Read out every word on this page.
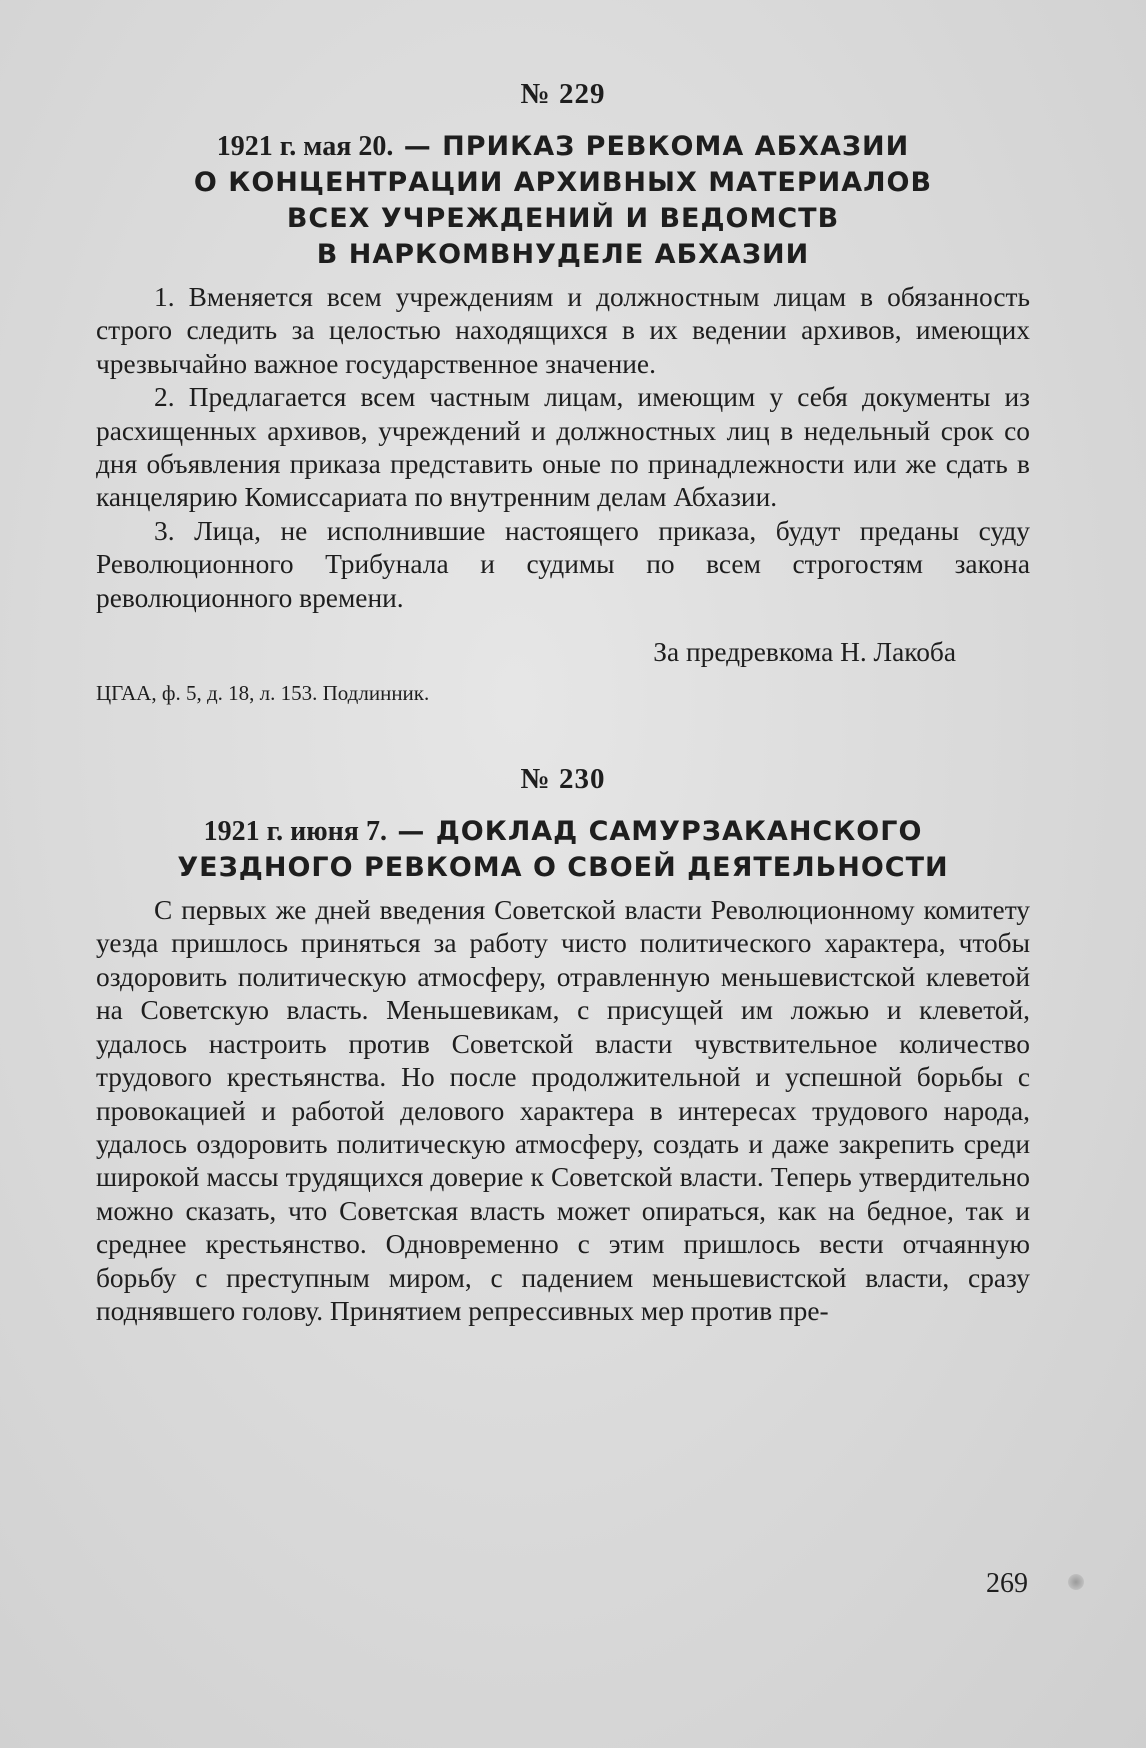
№ 229
1921 г. мая 20. — ПРИКАЗ РЕВКОМА АБХАЗИИ
О КОНЦЕНТРАЦИИ АРХИВНЫХ МАТЕРИАЛОВ
ВСЕХ УЧРЕЖДЕНИЙ И ВЕДОМСТВ
В НАРКОМВНУДЕЛЕ АБХАЗИИ

1. Вменяется всем учреждениям и должностным лицам в обязанность строго следить за целостью находящихся в их ведении архивов, имеющих чрезвычайно важное государственное значение.

2. Предлагается всем частным лицам, имеющим у себя документы из расхищенных архивов, учреждений и должностных лиц в недельный срок со дня объявления приказа представить оные по принадлежности или же сдать в канцелярию Комиссариата по внутренним делам Абхазии.

3. Лица, не исполнившие настоящего приказа, будут преданы суду Революционного Трибунала и судимы по всем строгостям закона революционного времени.

За предревкома Н. Лакоба
ЦГАА, ф. 5, д. 18, л. 153. Подлинник.
№ 230
1921 г. июня 7. — ДОКЛАД САМУРЗАКАНСКОГО
УЕЗДНОГО РЕВКОМА О СВОЕЙ ДЕЯТЕЛЬНОСТИ

С первых же дней введения Советской власти Революционному комитету уезда пришлось приняться за работу чисто политического характера, чтобы оздоровить политическую атмосферу, отравленную меньшевистской клеветой на Советскую власть. Меньшевикам, с присущей им ложью и клеветой, удалось настроить против Советской власти чувствительное количество трудового крестьянства. Но после продолжительной и успешной борьбы с провокацией и работой делового характера в интересах трудового народа, удалось оздоровить политическую атмосферу, создать и даже закрепить среди широкой массы трудящихся доверие к Советской власти. Теперь утвердительно можно сказать, что Советская власть может опираться, как на бедное, так и среднее крестьянство. Одновременно с этим пришлось вести отчаянную борьбу с преступным миром, с падением меньшевистской власти, сразу поднявшего голову. Принятием репрессивных мер против пре-

269
